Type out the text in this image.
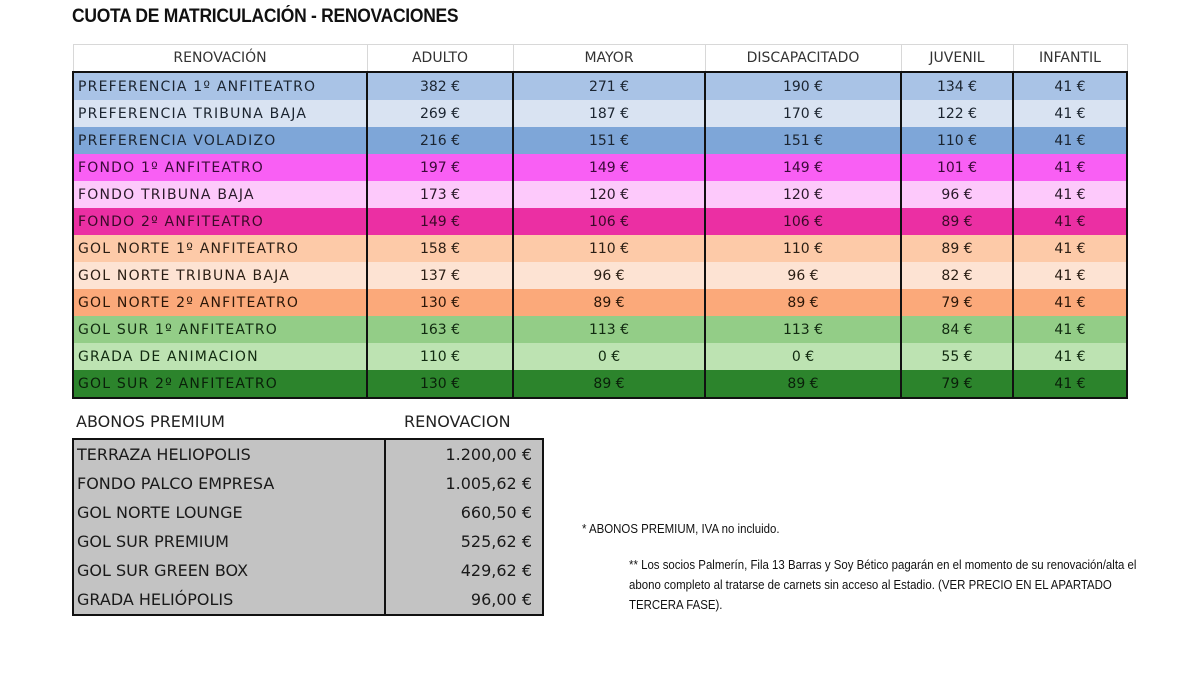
CUOTA DE MATRICULACIÓN - RENOVACIONES
RENOVACIÓN	ADULTO	MAYOR	DISCAPACITADO	JUVENIL	INFANTIL
PREFERENCIA 1º ANFITEATRO	382 €	271 €	190 €	134 €	41 €
PREFERENCIA TRIBUNA BAJA	269 €	187 €	170 €	122 €	41 €
PREFERENCIA VOLADIZO	216 €	151 €	151 €	110 €	41 €
FONDO 1º ANFITEATRO	197 €	149 €	149 €	101 €	41 €
FONDO TRIBUNA BAJA	173 €	120 €	120 €	96 €	41 €
FONDO 2º ANFITEATRO	149 €	106 €	106 €	89 €	41 €
GOL NORTE 1º ANFITEATRO	158 €	110 €	110 €	89 €	41 €
GOL NORTE TRIBUNA BAJA	137 €	96 €	96 €	82 €	41 €
GOL NORTE 2º ANFITEATRO	130 €	89 €	89 €	79 €	41 €
GOL SUR 1º ANFITEATRO	163 €	113 €	113 €	84 €	41 €
GRADA DE ANIMACION	110 €	0 €	0 €	55 €	41 €
GOL SUR 2º ANFITEATRO	130 €	89 €	89 €	79 €	41 €
ABONOS PREMIUM	RENOVACION
TERRAZA HELIOPOLIS	1.200,00 €
FONDO PALCO EMPRESA	1.005,62 €
GOL NORTE LOUNGE	660,50 €
GOL SUR PREMIUM	525,62 €
GOL SUR GREEN BOX	429,62 €
GRADA HELIÓPOLIS	96,00 €
* ABONOS PREMIUM, IVA no incluido.
** Los socios Palmerín, Fila 13 Barras y Soy Bético pagarán en el momento de su renovación/alta el abono completo al tratarse de carnets sin acceso al Estadio. (VER PRECIO EN EL APARTADO TERCERA FASE).
